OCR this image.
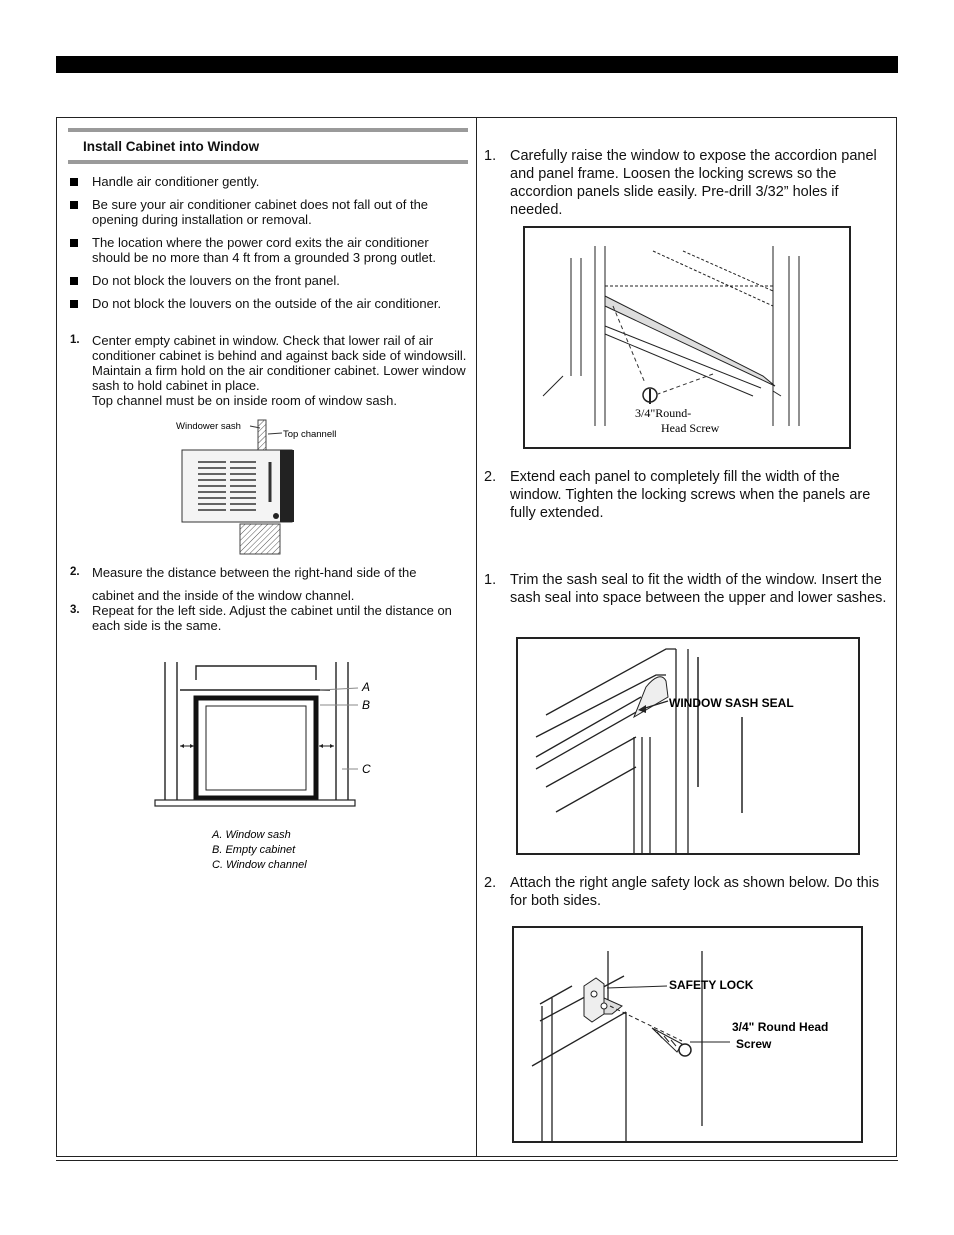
Install Cabinet into Window
Handle air conditioner gently.
Be sure your air conditioner cabinet does not fall out of the opening during installation or removal.
The location where the power cord exits the air conditioner should be no more than 4 ft from a grounded 3 prong outlet.
Do not block the louvers on the front panel.
Do not block the louvers on the outside of the air conditioner.
1. Center empty cabinet in window. Check that lower rail of air conditioner cabinet is behind and against back side of windowsill. Maintain a firm hold on the air conditioner cabinet. Lower window sash to hold cabinet in place.
Top channel must be on inside room of window sash.
Windower sash
Top channell
2. Measure the distance between the right-hand side of the
cabinet and the inside of the window channel.
3. Repeat for the left side. Adjust the cabinet until the distance on each side is the same.
A
B
C
A. Window sash
B. Empty cabinet
C. Window channel
1. Carefully raise the window to expose the accordion panel and panel frame. Loosen the locking screws so the accordion panels slide easily. Pre-drill 3/32” holes if needed.
3/4"Round-
Head Screw
2. Extend each panel to completely fill the width of the window. Tighten the locking screws when the panels are fully extended.
1. Trim the sash seal to fit the width of the window. Insert the sash seal into space between the upper and lower sashes.
WINDOW SASH SEAL
2. Attach the right angle safety lock as shown below. Do this for both sides.
SAFETY LOCK
3/4" Round Head
Screw
